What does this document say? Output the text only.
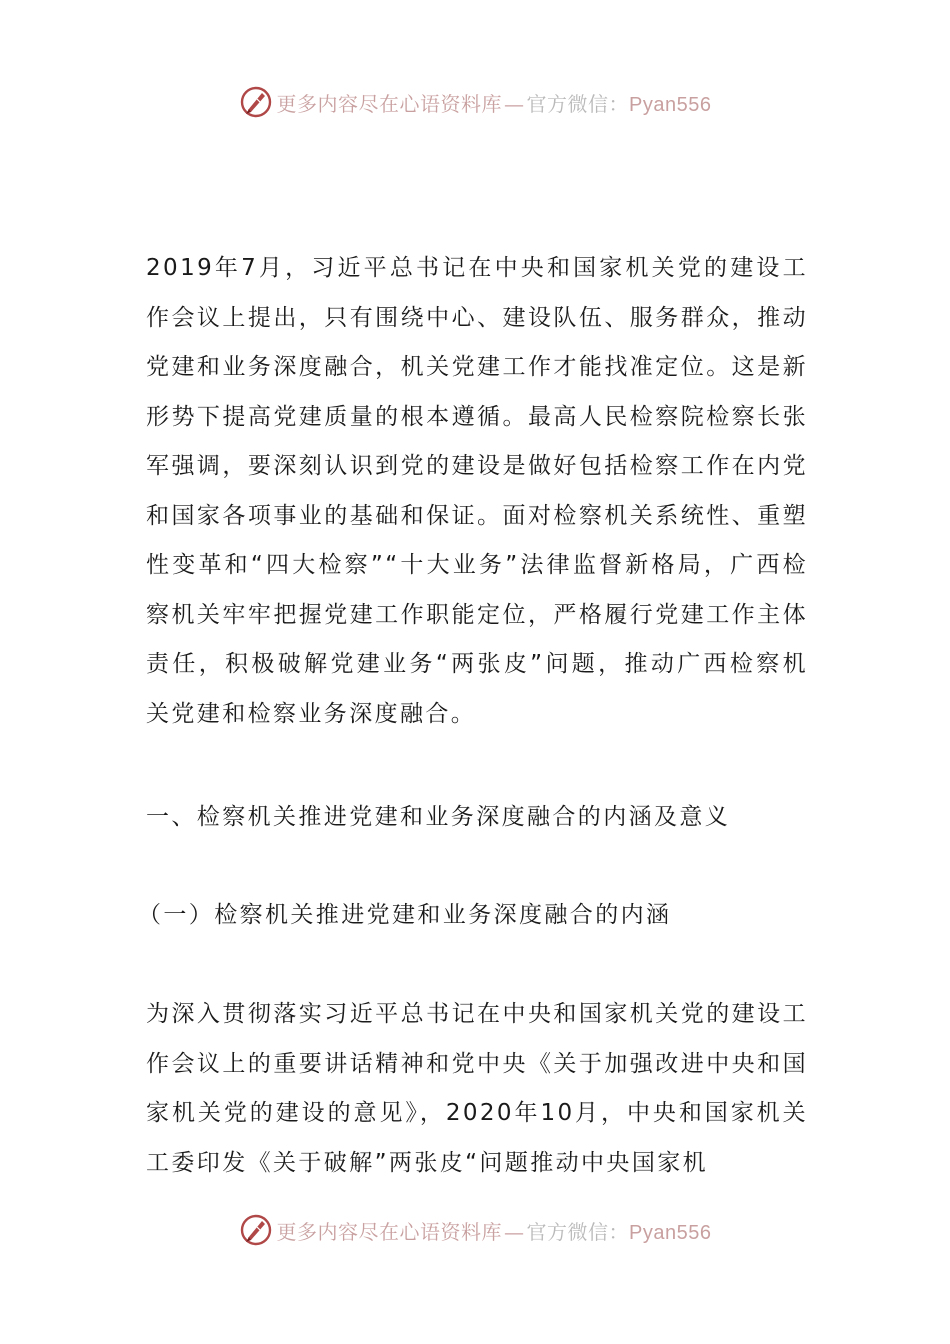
更多内容尽在心语资料库 — 官方微信：Pyan556

2019年7月，习近平总书记在中央和国家机关党的建设工作会议上提出，只有围绕中心、建设队伍、服务群众，推动党建和业务深度融合，机关党建工作才能找准定位。这是新形势下提高党建质量的根本遵循。最高人民检察院检察长张军强调，要深刻认识到党的建设是做好包括检察工作在内党和国家各项事业的基础和保证。面对检察机关系统性、重塑性变革和“四大检察”“十大业务”法律监督新格局，广西检察机关牢牢把握党建工作职能定位，严格履行党建工作主体责任，积极破解党建业务“两张皮”问题，推动广西检察机关党建和检察业务深度融合。

一、检察机关推进党建和业务深度融合的内涵及意义

（一）检察机关推进党建和业务深度融合的内涵

为深入贯彻落实习近平总书记在中央和国家机关党的建设工作会议上的重要讲话精神和党中央《关于加强改进中央和国家机关党的建设的意见》，2020年10月，中央和国家机关工委印发《关于破解”两张皮“问题推动中央国家机

更多内容尽在心语资料库 — 官方微信：Pyan556
